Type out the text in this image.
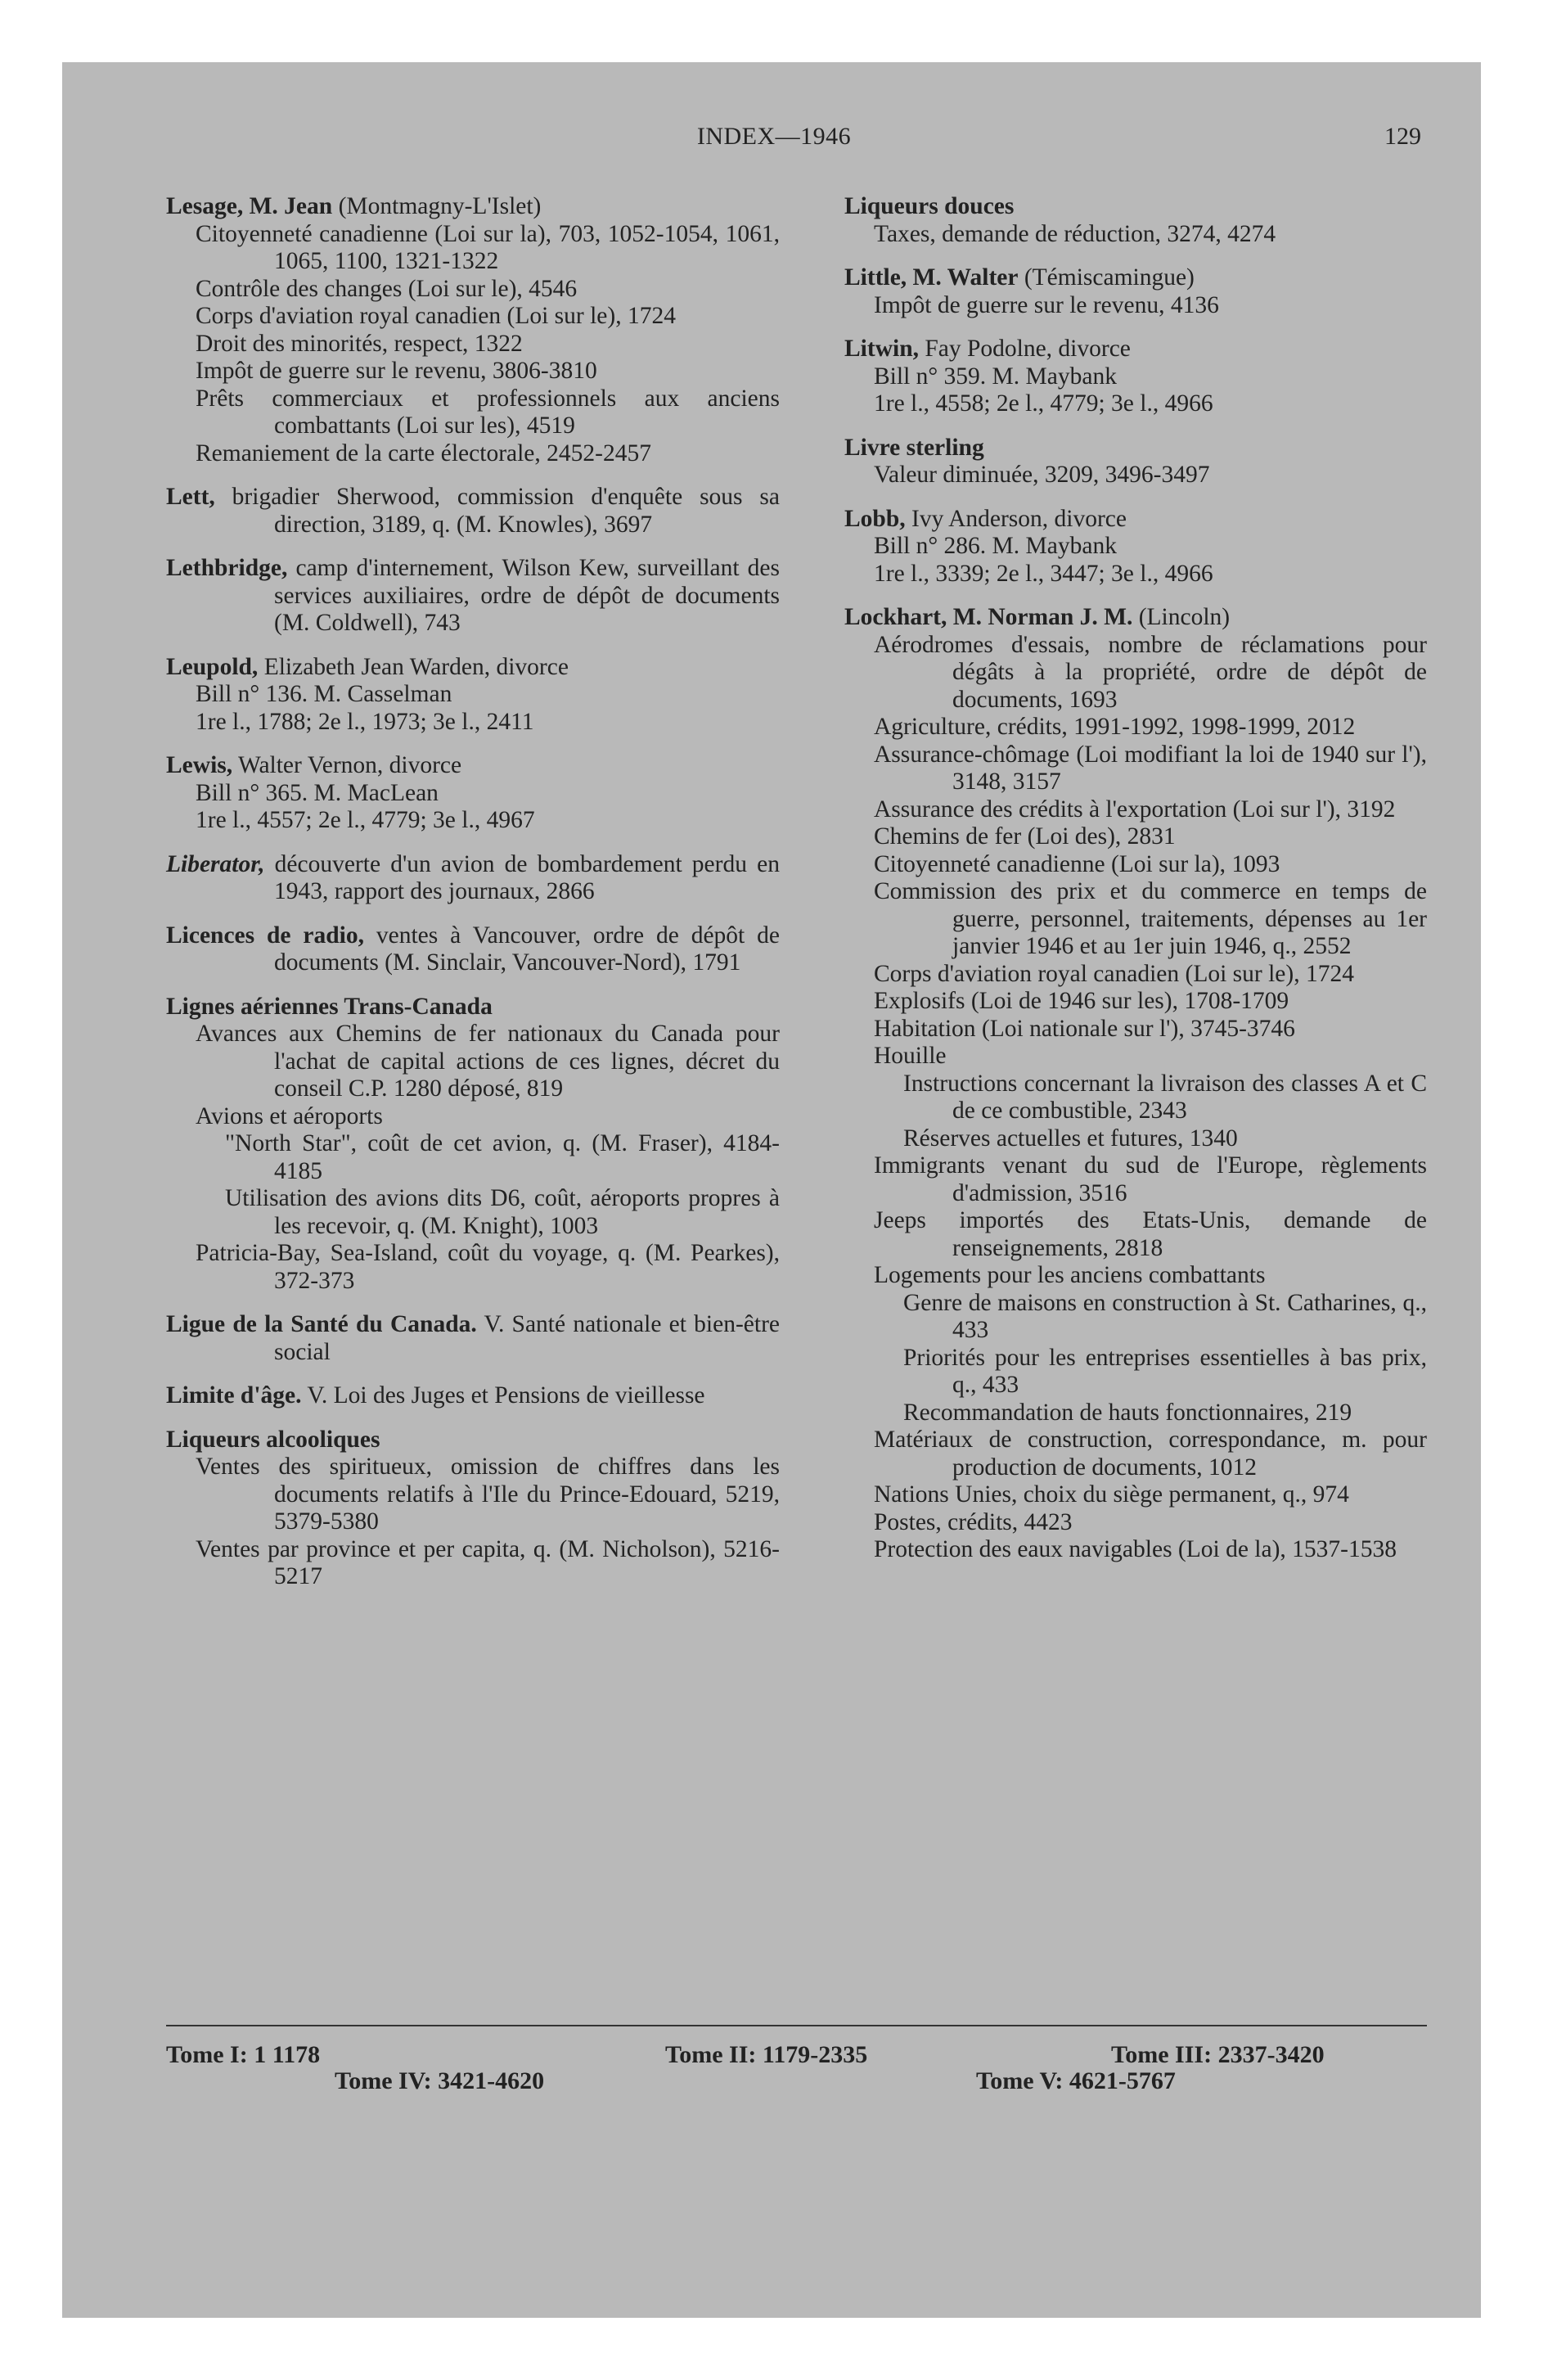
INDEX—1946	129
Lesage, M. Jean (Montmagny-L'Islet)
Citoyenneté canadienne (Loi sur la), 703, 1052-1054, 1061, 1065, 1100, 1321-1322
Contrôle des changes (Loi sur le), 4546
Corps d'aviation royal canadien (Loi sur le), 1724
Droit des minorités, respect, 1322
Impôt de guerre sur le revenu, 3806-3810
Prêts commerciaux et professionnels aux anciens combattants (Loi sur les), 4519
Remaniement de la carte électorale, 2452-2457
Lett, brigadier Sherwood, commission d'enquête sous sa direction, 3189, q. (M. Knowles), 3697
Lethbridge, camp d'internement, Wilson Kew, surveillant des services auxiliaires, ordre de dépôt de documents (M. Coldwell), 743
Leupold, Elizabeth Jean Warden, divorce
Bill n° 136. M. Casselman
1re l., 1788; 2e l., 1973; 3e l., 2411
Lewis, Walter Vernon, divorce
Bill n° 365. M. MacLean
1re l., 4557; 2e l., 4779; 3e l., 4967
Liberator, découverte d'un avion de bombardement perdu en 1943, rapport des journaux, 2866
Licences de radio, ventes à Vancouver, ordre de dépôt de documents (M. Sinclair, Vancouver-Nord), 1791
Lignes aériennes Trans-Canada
Avances aux Chemins de fer nationaux du Canada pour l'achat de capital actions de ces lignes, décret du conseil C.P. 1280 déposé, 819
Avions et aéroports
"North Star", coût de cet avion, q. (M. Fraser), 4184-4185
Utilisation des avions dits D6, coût, aéroports propres à les recevoir, q. (M. Knight), 1003
Patricia-Bay, Sea-Island, coût du voyage, q. (M. Pearkes), 372-373
Ligue de la Santé du Canada. V. Santé nationale et bien-être social
Limite d'âge. V. Loi des Juges et Pensions de vieillesse
Liqueurs alcooliques
Ventes des spiritueux, omission de chiffres dans les documents relatifs à l'Ile du Prince-Edouard, 5219, 5379-5380
Ventes par province et per capita, q. (M. Nicholson), 5216-5217
Liqueurs douces
Taxes, demande de réduction, 3274, 4274
Little, M. Walter (Témiscamingue)
Impôt de guerre sur le revenu, 4136
Litwin, Fay Podolne, divorce
Bill n° 359. M. Maybank
1re l., 4558; 2e l., 4779; 3e l., 4966
Livre sterling
Valeur diminuée, 3209, 3496-3497
Lobb, Ivy Anderson, divorce
Bill n° 286. M. Maybank
1re l., 3339; 2e l., 3447; 3e l., 4966
Lockhart, M. Norman J. M. (Lincoln)
Aérodromes d'essais, nombre de réclamations pour dégâts à la propriété, ordre de dépôt de documents, 1693
Agriculture, crédits, 1991-1992, 1998-1999, 2012
Assurance-chômage (Loi modifiant la loi de 1940 sur l'), 3148, 3157
Assurance des crédits à l'exportation (Loi sur l'), 3192
Chemins de fer (Loi des), 2831
Citoyenneté canadienne (Loi sur la), 1093
Commission des prix et du commerce en temps de guerre, personnel, traitements, dépenses au 1er janvier 1946 et au 1er juin 1946, q., 2552
Corps d'aviation royal canadien (Loi sur le), 1724
Explosifs (Loi de 1946 sur les), 1708-1709
Habitation (Loi nationale sur l'), 3745-3746
Houille
Instructions concernant la livraison des classes A et C de ce combustible, 2343
Réserves actuelles et futures, 1340
Immigrants venant du sud de l'Europe, règlements d'admission, 3516
Jeeps importés des Etats-Unis, demande de renseignements, 2818
Logements pour les anciens combattants
Genre de maisons en construction à St. Catharines, q., 433
Priorités pour les entreprises essentielles à bas prix, q., 433
Recommandation de hauts fonctionnaires, 219
Matériaux de construction, correspondance, m. pour production de documents, 1012
Nations Unies, choix du siège permanent, q., 974
Postes, crédits, 4423
Protection des eaux navigables (Loi de la), 1537-1538
Tome I: 1 1178	Tome II: 1179-2335	Tome III: 2337-3420
Tome IV: 3421-4620	Tome V: 4621-5767
